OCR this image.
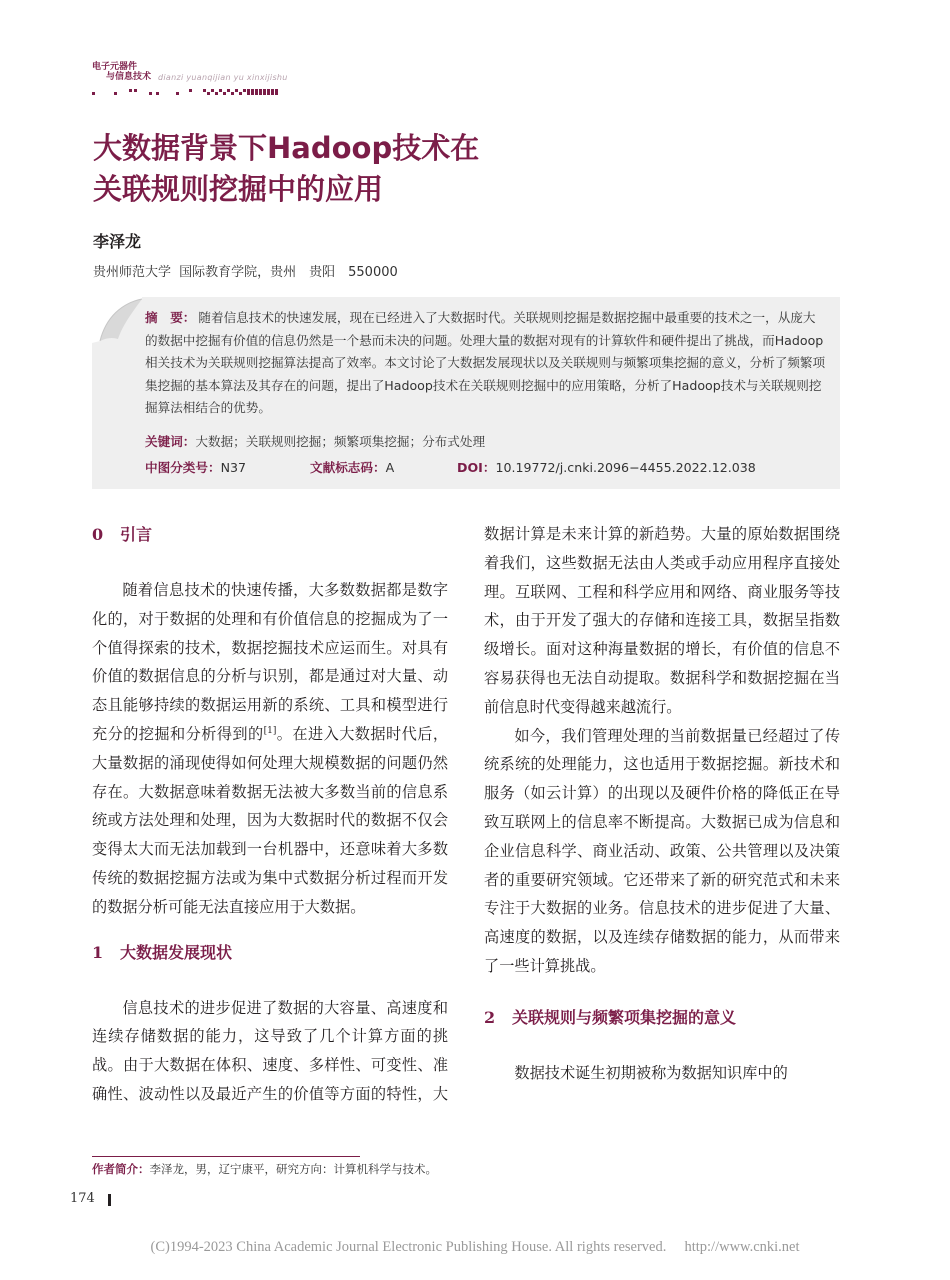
电子元器件
与信息技术 dianzi yuanqijian yu xinxijishu
大数据背景下Hadoop技术在
关联规则挖掘中的应用
李泽龙
贵州师范大学 国际教育学院，贵州　贵阳　550000
摘　要： 随着信息技术的快速发展，现在已经进入了大数据时代。关联规则挖掘是数据挖掘中最重要的技术之一，从庞大的数据中挖掘有价值的信息仍然是一个悬而未决的问题。处理大量的数据对现有的计算软件和硬件提出了挑战，而Hadoop相关技术为关联规则挖掘算法提高了效率。本文讨论了大数据发展现状以及关联规则与频繁项集挖掘的意义，分析了频繁项集挖掘的基本算法及其存在的问题，提出了Hadoop技术在关联规则挖掘中的应用策略，分析了Hadoop技术与关联规则挖掘算法相结合的优势。
关键词：大数据；关联规则挖掘；频繁项集挖掘；分布式处理
中图分类号：N37	文献标志码：A	DOI：10.19772/j.cnki.2096−4455.2022.12.038
0 引言

随着信息技术的快速传播，大多数数据都是数字化的，对于数据的处理和有价值信息的挖掘成为了一个值得探索的技术，数据挖掘技术应运而生。对具有价值的数据信息的分析与识别，都是通过对大量、动态且能够持续的数据运用新的系统、工具和模型进行充分的挖掘和分析得到的[1]。在进入大数据时代后，大量数据的涌现使得如何处理大规模数据的问题仍然存在。大数据意味着数据无法被大多数当前的信息系统或方法处理和处理，因为大数据时代的数据不仅会变得太大而无法加载到一台机器中，还意味着大多数传统的数据挖掘方法或为集中式数据分析过程而开发的数据分析可能无法直接应用于大数据。

1 大数据发展现状

信息技术的进步促进了数据的大容量、高速度和连续存储数据的能力，这导致了几个计算方面的挑战。由于大数据在体积、速度、多样性、可变性、准确性、波动性以及最近产生的价值等方面的特性，大

数据计算是未来计算的新趋势。大量的原始数据围绕着我们，这些数据无法由人类或手动应用程序直接处理。互联网、工程和科学应用和网络、商业服务等技术，由于开发了强大的存储和连接工具，数据呈指数级增长。面对这种海量数据的增长，有价值的信息不容易获得也无法自动提取。数据科学和数据挖掘在当前信息时代变得越来越流行。

如今，我们管理处理的当前数据量已经超过了传统系统的处理能力，这也适用于数据挖掘。新技术和服务（如云计算）的出现以及硬件价格的降低正在导致互联网上的信息率不断提高。大数据已成为信息和企业信息科学、商业活动、政策、公共管理以及决策者的重要研究领域。它还带来了新的研究范式和未来专注于大数据的业务。信息技术的进步促进了大量、高速度的数据，以及连续存储数据的能力，从而带来了一些计算挑战。

2 关联规则与频繁项集挖掘的意义

数据技术诞生初期被称为数据知识库中的

作者简介：李泽龙，男，辽宁康平，研究方向：计算机科学与技术。
174
(C)1994-2023 China Academic Journal Electronic Publishing House. All rights reserved.　 http://www.cnki.net
